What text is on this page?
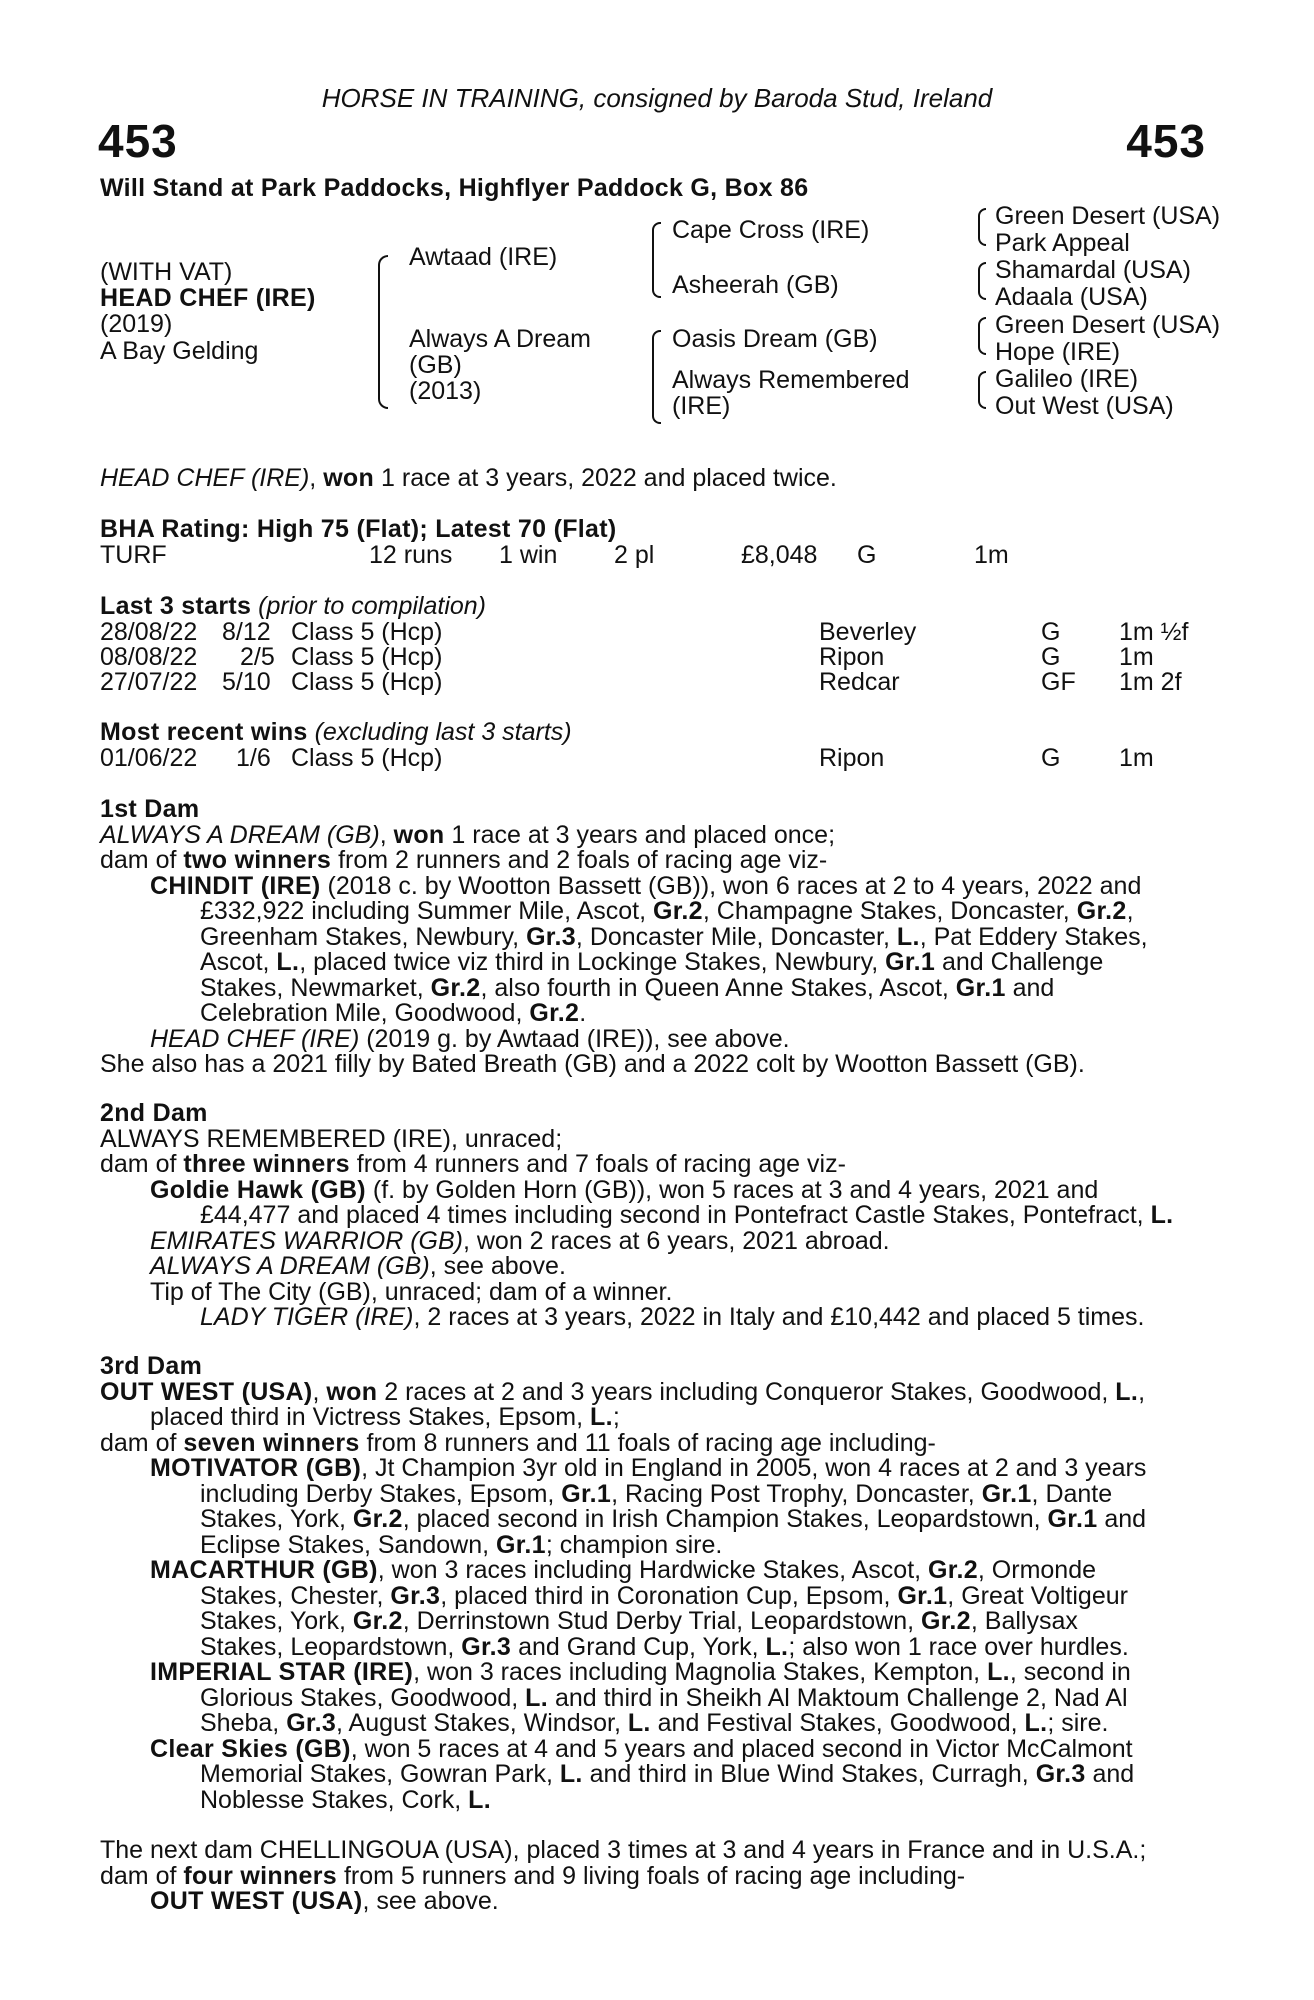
HORSE IN TRAINING, consigned by Baroda Stud, Ireland
453	453
Will Stand at Park Paddocks, Highflyer Paddock G, Box 86
(WITH VAT)
HEAD CHEF (IRE)
(2019)
A Bay Gelding
Awtaad (IRE)
Always A Dream
(GB)
(2013)
Cape Cross (IRE)
Asheerah (GB)
Oasis Dream (GB)
Always Remembered
(IRE)
Green Desert (USA)
Park Appeal
Shamardal (USA)
Adaala (USA)
Green Desert (USA)
Hope (IRE)
Galileo (IRE)
Out West (USA)
HEAD CHEF (IRE), won 1 race at 3 years, 2022 and placed twice.
BHA Rating: High 75 (Flat); Latest 70 (Flat)
TURF	12 runs 1 win 2 pl	£8,048 G	1m
Last 3 starts (prior to compilation)
28/08/22 8/12 Class 5 (Hcp)	Beverley	G 1m ½f
08/08/22 2/5 Class 5 (Hcp)	Ripon	G 1m
27/07/22 5/10 Class 5 (Hcp)	Redcar	GF 1m 2f
Most recent wins (excluding last 3 starts)
01/06/22 1/6 Class 5 (Hcp)	Ripon	G 1m
1st Dam
ALWAYS A DREAM (GB), won 1 race at 3 years and placed once;
dam of two winners from 2 runners and 2 foals of racing age viz-
CHINDIT (IRE) (2018 c. by Wootton Bassett (GB)), won 6 races at 2 to 4 years, 2022 and
£332,922 including Summer Mile, Ascot, Gr.2, Champagne Stakes, Doncaster, Gr.2,
Greenham Stakes, Newbury, Gr.3, Doncaster Mile, Doncaster, L., Pat Eddery Stakes,
Ascot, L., placed twice viz third in Lockinge Stakes, Newbury, Gr.1 and Challenge
Stakes, Newmarket, Gr.2, also fourth in Queen Anne Stakes, Ascot, Gr.1 and
Celebration Mile, Goodwood, Gr.2.
HEAD CHEF (IRE) (2019 g. by Awtaad (IRE)), see above.
She also has a 2021 filly by Bated Breath (GB) and a 2022 colt by Wootton Bassett (GB).
2nd Dam
ALWAYS REMEMBERED (IRE), unraced;
dam of three winners from 4 runners and 7 foals of racing age viz-
Goldie Hawk (GB) (f. by Golden Horn (GB)), won 5 races at 3 and 4 years, 2021 and
£44,477 and placed 4 times including second in Pontefract Castle Stakes, Pontefract, L.
EMIRATES WARRIOR (GB), won 2 races at 6 years, 2021 abroad.
ALWAYS A DREAM (GB), see above.
Tip of The City (GB), unraced; dam of a winner.
LADY TIGER (IRE), 2 races at 3 years, 2022 in Italy and £10,442 and placed 5 times.
3rd Dam
OUT WEST (USA), won 2 races at 2 and 3 years including Conqueror Stakes, Goodwood, L.,
placed third in Victress Stakes, Epsom, L.;
dam of seven winners from 8 runners and 11 foals of racing age including-
MOTIVATOR (GB), Jt Champion 3yr old in England in 2005, won 4 races at 2 and 3 years
including Derby Stakes, Epsom, Gr.1, Racing Post Trophy, Doncaster, Gr.1, Dante
Stakes, York, Gr.2, placed second in Irish Champion Stakes, Leopardstown, Gr.1 and
Eclipse Stakes, Sandown, Gr.1; champion sire.
MACARTHUR (GB), won 3 races including Hardwicke Stakes, Ascot, Gr.2, Ormonde
Stakes, Chester, Gr.3, placed third in Coronation Cup, Epsom, Gr.1, Great Voltigeur
Stakes, York, Gr.2, Derrinstown Stud Derby Trial, Leopardstown, Gr.2, Ballysax
Stakes, Leopardstown, Gr.3 and Grand Cup, York, L.; also won 1 race over hurdles.
IMPERIAL STAR (IRE), won 3 races including Magnolia Stakes, Kempton, L., second in
Glorious Stakes, Goodwood, L. and third in Sheikh Al Maktoum Challenge 2, Nad Al
Sheba, Gr.3, August Stakes, Windsor, L. and Festival Stakes, Goodwood, L.; sire.
Clear Skies (GB), won 5 races at 4 and 5 years and placed second in Victor McCalmont
Memorial Stakes, Gowran Park, L. and third in Blue Wind Stakes, Curragh, Gr.3 and
Noblesse Stakes, Cork, L.
The next dam CHELLINGOUA (USA), placed 3 times at 3 and 4 years in France and in U.S.A.;
dam of four winners from 5 runners and 9 living foals of racing age including-
OUT WEST (USA), see above.
